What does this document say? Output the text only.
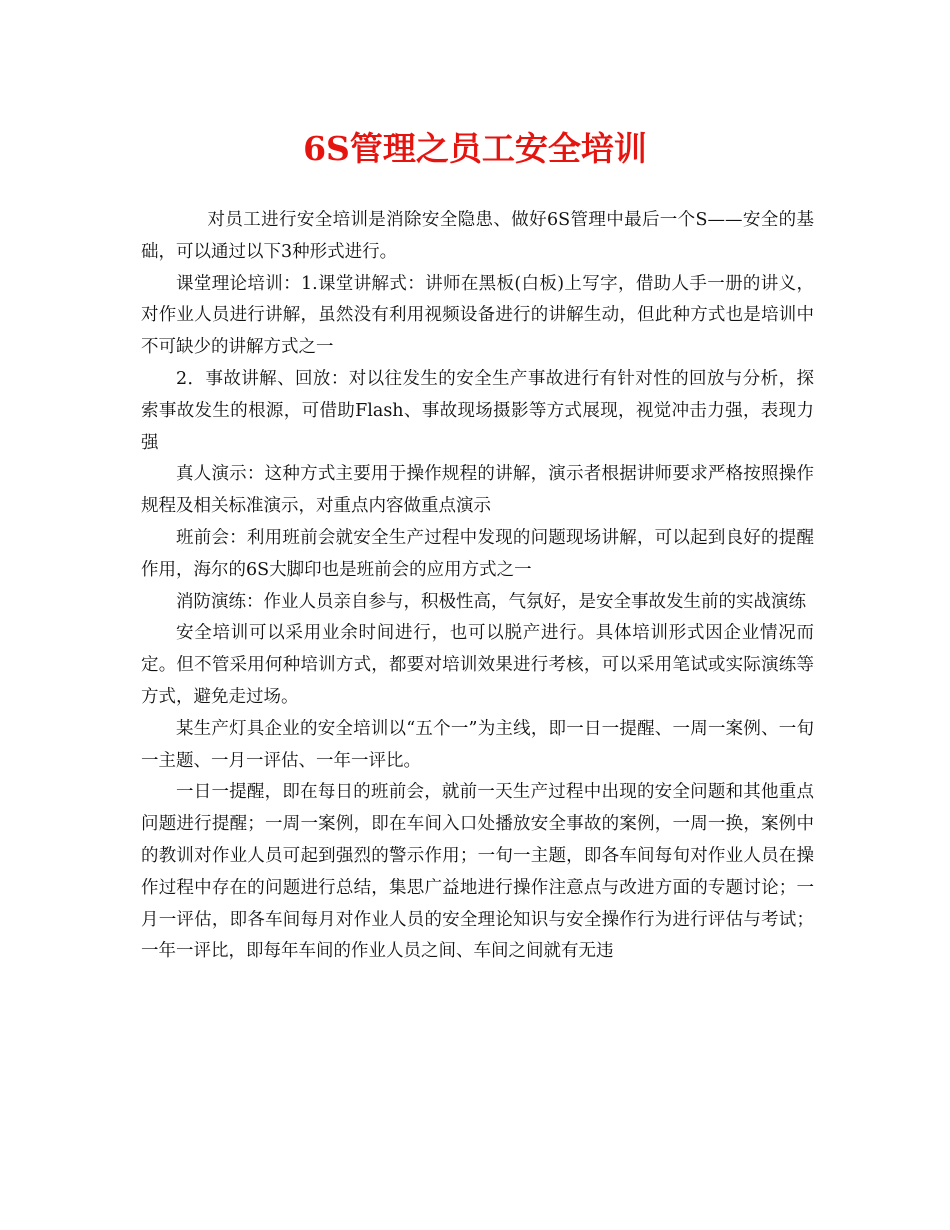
6S管理之员工安全培训

对员工进行安全培训是消除安全隐患、做好6S管理中最后一个S——安全的基础，可以通过以下3种形式进行。

课堂理论培训：1.课堂讲解式：讲师在黑板(白板)上写字，借助人手一册的讲义，对作业人员进行讲解，虽然没有利用视频设备进行的讲解生动，但此种方式也是培训中不可缺少的讲解方式之一

2．事故讲解、回放：对以往发生的安全生产事故进行有针对性的回放与分析，探索事故发生的根源，可借助Flash、事故现场摄影等方式展现，视觉冲击力强，表现力强

真人演示：这种方式主要用于操作规程的讲解，演示者根据讲师要求严格按照操作规程及相关标准演示，对重点内容做重点演示

班前会：利用班前会就安全生产过程中发现的问题现场讲解，可以起到良好的提醒作用，海尔的6S大脚印也是班前会的应用方式之一

消防演练：作业人员亲自参与，积极性高，气氛好，是安全事故发生前的实战演练

安全培训可以采用业余时间进行，也可以脱产进行。具体培训形式因企业情况而定。但不管采用何种培训方式，都要对培训效果进行考核，可以采用笔试或实际演练等方式，避免走过场。

某生产灯具企业的安全培训以“五个一”为主线，即一日一提醒、一周一案例、一旬一主题、一月一评估、一年一评比。

一日一提醒，即在每日的班前会，就前一天生产过程中出现的安全问题和其他重点问题进行提醒；一周一案例，即在车间入口处播放安全事故的案例，一周一换，案例中的教训对作业人员可起到强烈的警示作用；一旬一主题，即各车间每旬对作业人员在操作过程中存在的问题进行总结，集思广益地进行操作注意点与改进方面的专题讨论；一月一评估，即各车间每月对作业人员的安全理论知识与安全操作行为进行评估与考试；一年一评比，即每年车间的作业人员之间、车间之间就有无违
